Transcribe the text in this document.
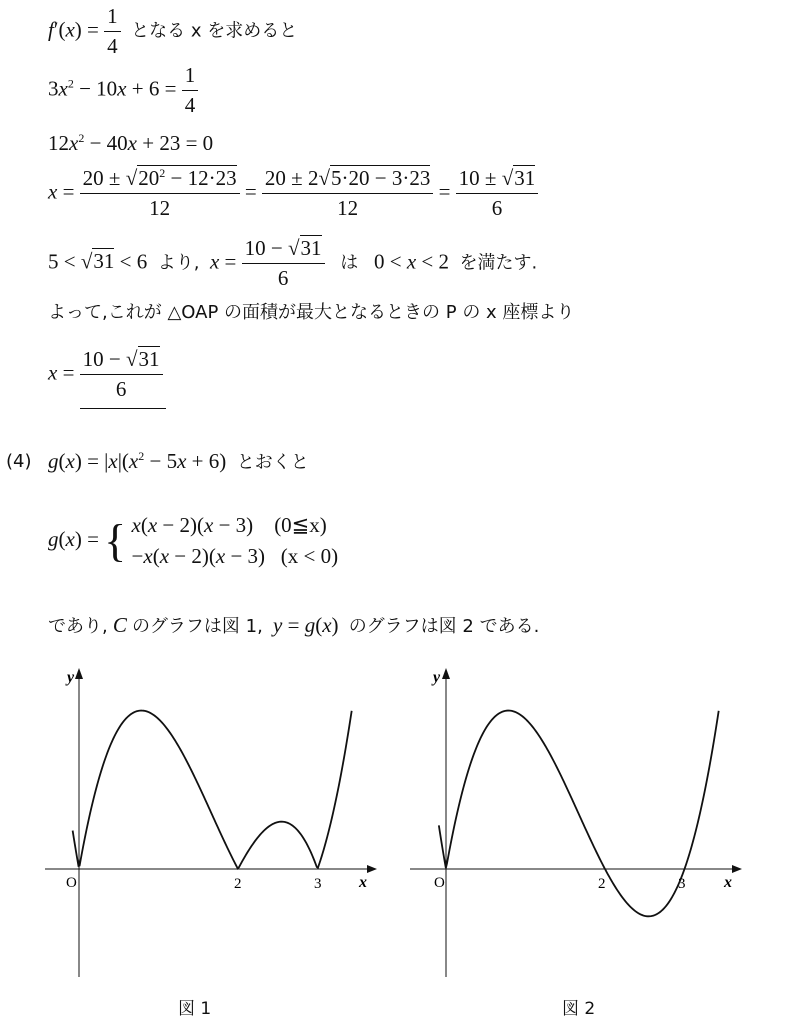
$f'(x) = \frac{1}{4}$ となる x を求めると
$3x^2 - 10x + 6 = \frac{1}{4}$
$12x^2 - 40x + 23 = 0$
$x = \frac{20 \pm √20^2 - 12\cdot 23}{12} = \frac{20 \pm 2√5\cdot 20 - 3\cdot 23}{12} = \frac{10 \pm √31}{6}$
5 < √31 < 6  より, $x = \frac{10 - √31}{6}$ は   0 < x < 2  を満たす.
よって,これが △OAP の面積が最大となるときの P の x 座標より
$x = \frac{10 - √31}{6}$
(4) $g(x) = |x|(x^2 - 5x + 6)$  とおくと
g(x) = { x(x − 2)(x − 3)    (0≦x)
−x(x − 2)(x − 3)   (x < 0)
であり, C のグラフは図 1, y = g(x) のグラフは図 2 である.
y
x
O	2	3
y
x
O	2	3
図 1	図 2
